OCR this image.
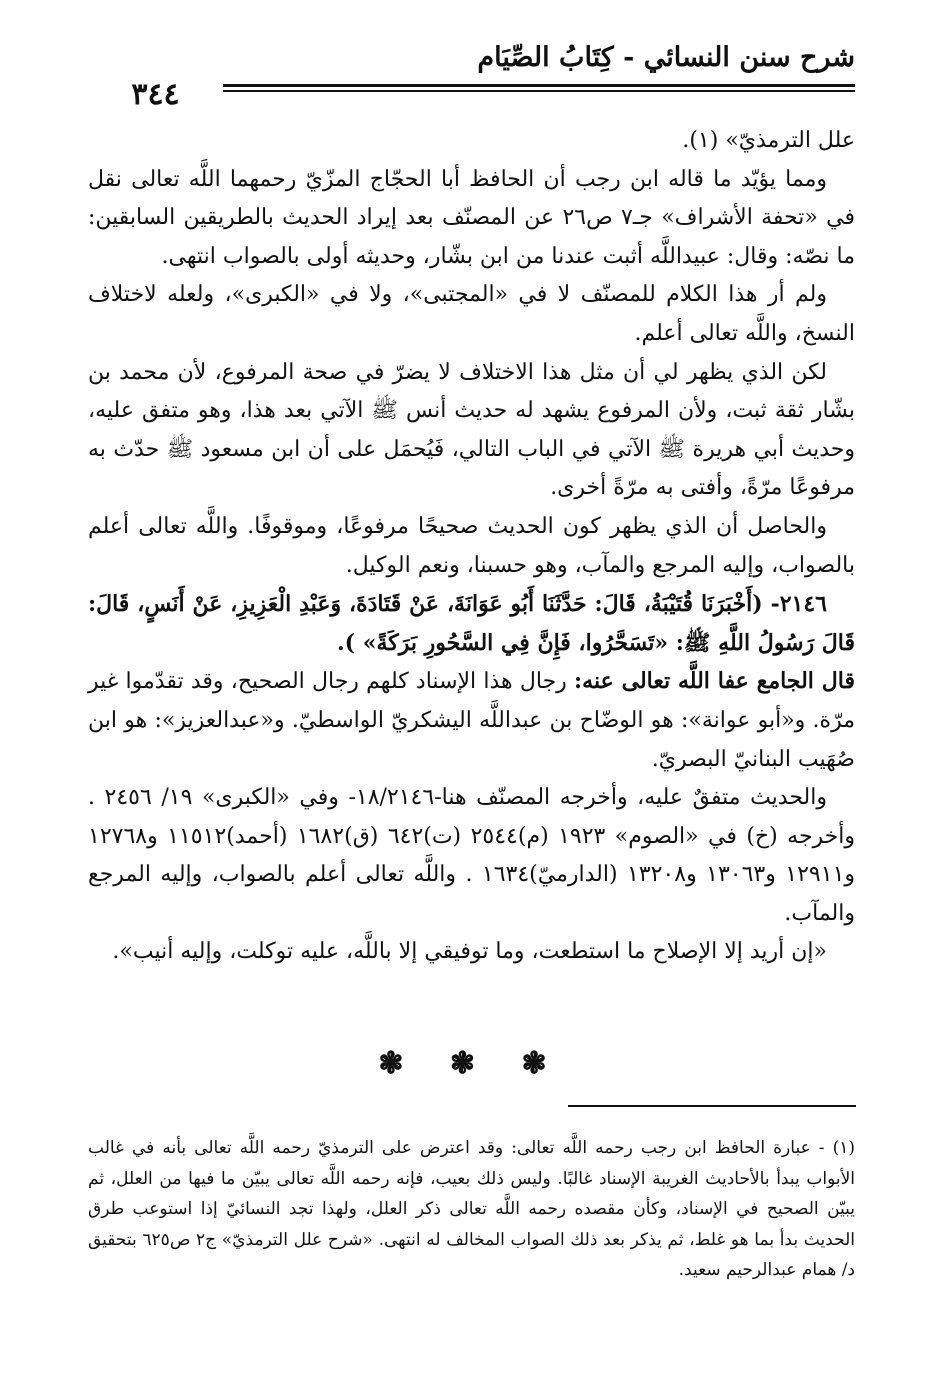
شرح سنن النسائي - كِتَابُ الصِّيَام
٣٤٤

علل الترمذيّ» (١).

ومما يؤيّد ما قاله ابن رجب أن الحافظ أبا الحجّاج المزّيّ رحمهما اللَّه تعالى نقل في «تحفة الأشراف» جـ٧ ص٢٦ عن المصنّف بعد إيراد الحديث بالطريقين السابقين: ما نصّه: وقال: عبيداللَّه أثبت عندنا من ابن بشّار، وحديثه أولى بالصواب انتهى.

ولم أر هذا الكلام للمصنّف لا في «المجتبى»، ولا في «الكبرى»، ولعله لاختلاف النسخ، واللَّه تعالى أعلم.

لكن الذي يظهر لي أن مثل هذا الاختلاف لا يضرّ في صحة المرفوع، لأن محمد بن بشّار ثقة ثبت، ولأن المرفوع يشهد له حديث أنس ﷺ الآتي بعد هذا، وهو متفق عليه، وحديث أبي هريرة ﷺ الآتي في الباب التالي، فَيُحمَل على أن ابن مسعود ﷺ حدّث به مرفوعًا مرّةً، وأفتى به مرّةً أخرى.

والحاصل أن الذي يظهر كون الحديث صحيحًا مرفوعًا، وموقوفًا. واللَّه تعالى أعلم بالصواب، وإليه المرجع والمآب، وهو حسبنا، ونعم الوكيل.

٢١٤٦- (أَخْبَرَنَا قُتَيْبَةُ، قَالَ: حَدَّثَنَا أَبُو عَوَانَةَ، عَنْ قَتَادَةَ، وَعَبْدِ الْعَزِيزِ، عَنْ أَنَسٍ، قَالَ: قَالَ رَسُولُ اللَّهِ ﷺ: «تَسَحَّرُوا، فَإِنَّ فِي السَّحُورِ بَرَكَةً» ).

قال الجامع عفا اللَّه تعالى عنه: رجال هذا الإسناد كلهم رجال الصحيح، وقد تقدّموا غير مرّة. و«أبو عوانة»: هو الوضّاح بن عبداللَّه اليشكريّ الواسطيّ. و«عبدالعزيز»: هو ابن صُهَيب البنانيّ البصريّ.

والحديث متفقٌ عليه، وأخرجه المصنّف هنا-١٨/٢١٤٦- وفي «الكبرى» ١٩/ ٢٤٥٦ . وأخرجه (خ) في «الصوم» ١٩٢٣ (م)٢٥٤٤ (ت)٦٤٢ (ق)١٦٨٢ (أحمد)١١٥١٢ و١٢٧٦٨ و١٢٩١١ و١٣٠٦٣ و١٣٢٠٨ (الدارميّ)١٦٣٤ . واللَّه تعالى أعلم بالصواب، وإليه المرجع والمآب.

«إن أريد إلا الإصلاح ما استطعت، وما توفيقي إلا باللَّه، عليه توكلت، وإليه أنيب».

❃ ❃ ❃

(١) - عبارة الحافظ ابن رجب رحمه اللَّه تعالى: وقد اعترض على الترمذيّ رحمه اللَّه تعالى بأنه في غالب الأبواب يبدأ بالأحاديث الغريبة الإسناد غالبًا. وليس ذلك بعيب، فإنه رحمه اللَّه تعالى يبيّن ما فيها من العلل، ثم يبيّن الصحيح في الإسناد، وكأن مقصده رحمه اللَّه تعالى ذكر العلل، ولهذا تجد النسائيّ إذا استوعب طرق الحديث بدأ بما هو غلط، ثم يذكر بعد ذلك الصواب المخالف له انتهى. «شرح علل الترمذيّ» ج٢ ص٦٢٥ بتحقيق د/ همام عبدالرحيم سعيد.
